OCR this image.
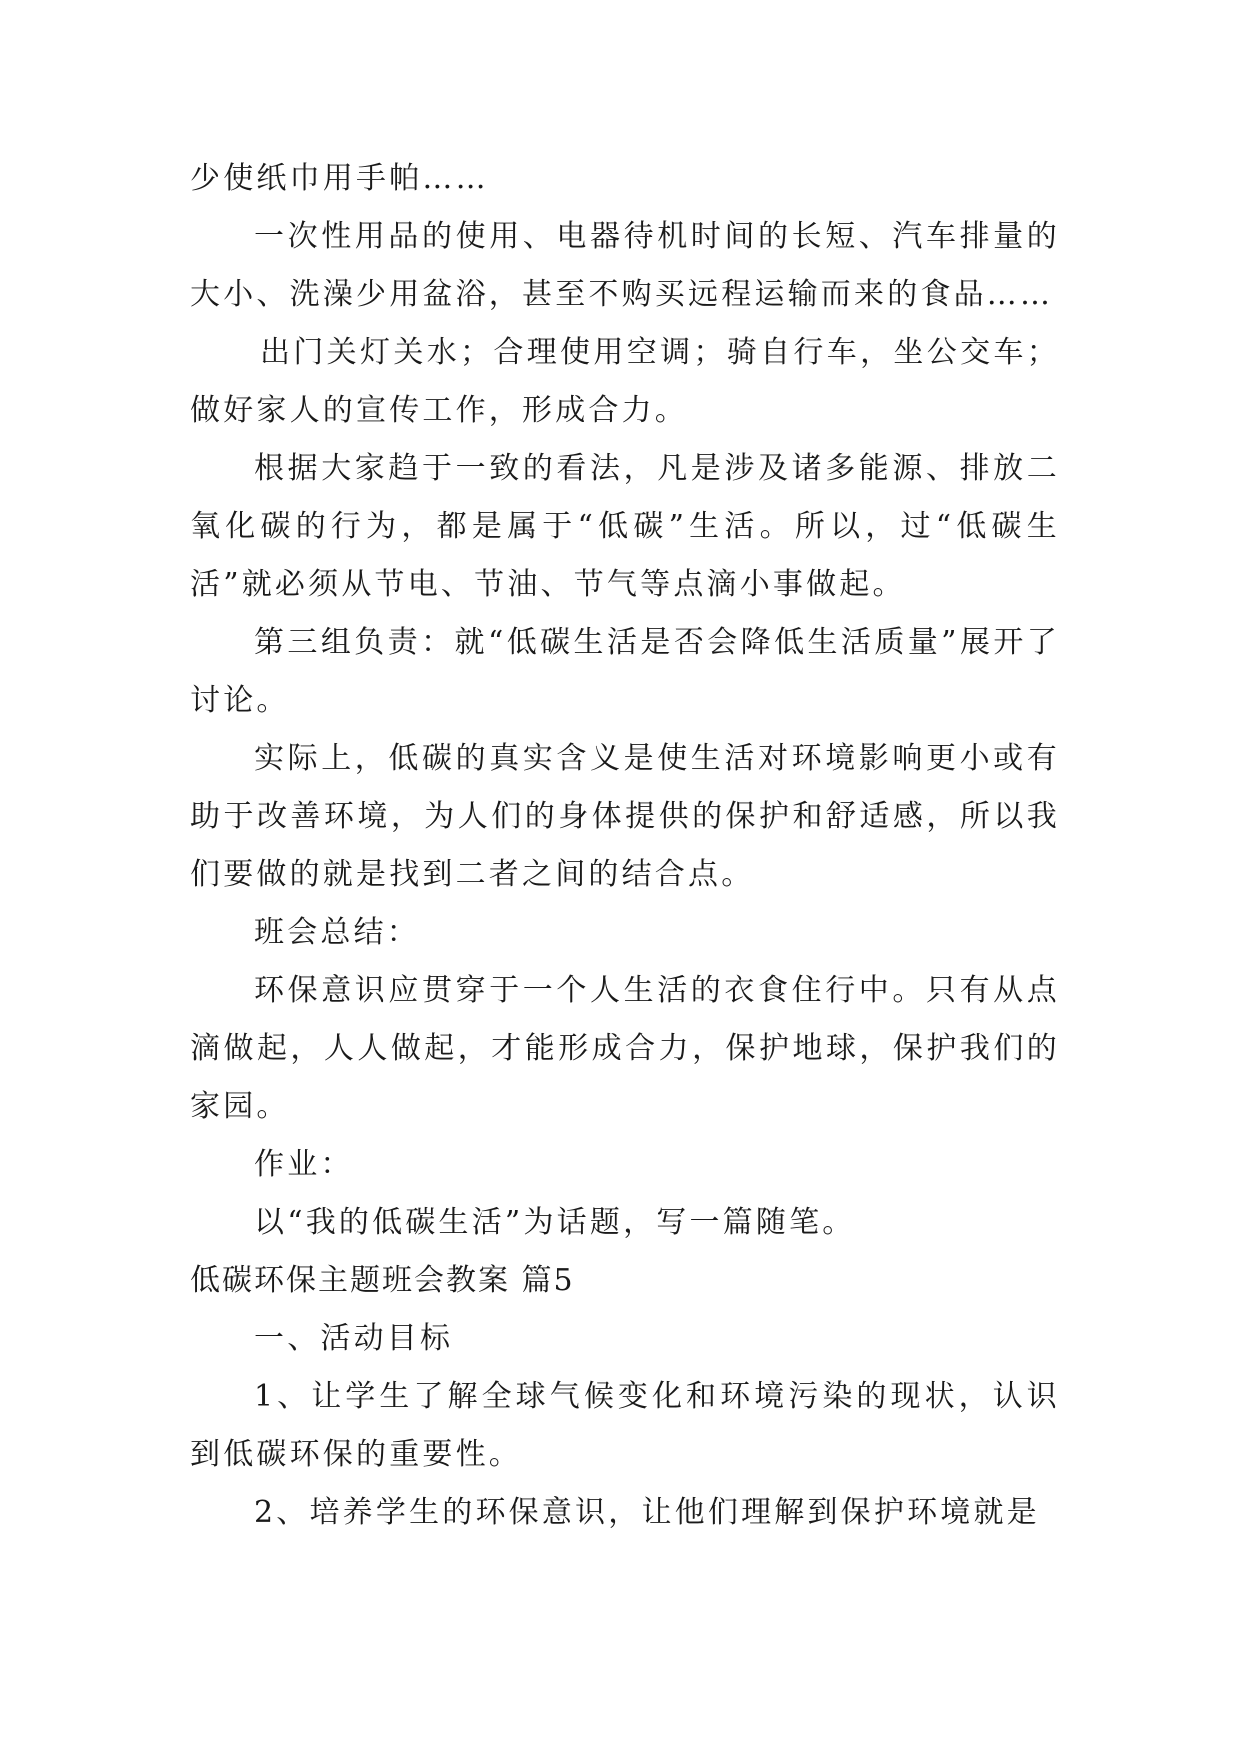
少使纸巾用手帕……

一次性用品的使用、电器待机时间的长短、汽车排量的大小、洗澡少用盆浴，甚至不购买远程运输而来的食品……

出门关灯关水；合理使用空调；骑自行车，坐公交车；做好家人的宣传工作，形成合力。

根据大家趋于一致的看法，凡是涉及诸多能源、排放二氧化碳的行为，都是属于“低碳”生活。所以，过“低碳生活”就必须从节电、节油、节气等点滴小事做起。

第三组负责：就“低碳生活是否会降低生活质量”展开了讨论。

实际上，低碳的真实含义是使生活对环境影响更小或有助于改善环境，为人们的身体提供的保护和舒适感，所以我们要做的就是找到二者之间的结合点。

班会总结：

环保意识应贯穿于一个人生活的衣食住行中。只有从点滴做起，人人做起，才能形成合力，保护地球，保护我们的家园。

作业：

以“我的低碳生活”为话题，写一篇随笔。

低碳环保主题班会教案 篇5

一、活动目标

1、让学生了解全球气候变化和环境污染的现状，认识到低碳环保的重要性。

2、培养学生的环保意识，让他们理解到保护环境就是
